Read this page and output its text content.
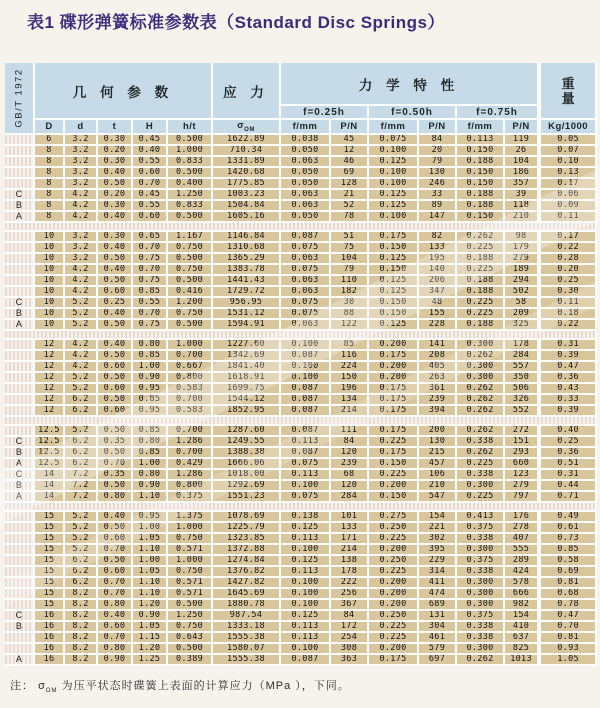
表1 碟形弹簧标准参数表（Standard Disc Springs）
GB/T 1972	几 何 参 数					应 力	力 学 特 性						重
量

							f=0.25h		f=0.50h		f=0.75h		
	D	d	t	H	h/t	$\sigma_{OM}$	f/mm	P/N	f/mm	P/N	f/mm	P/N	Kg/1000
	6	3.2	0.30	0.45	0.500	1622.89	0.038	45	0.075	84	0.113	119	0.05
	8	3.2	0.20	0.40	1.000	710.34	0.050	12	0.100	20	0.150	26	0.07
	8	3.2	0.30	0.55	0.833	1331.89	0.063	46	0.125	79	0.188	104	0.10
	8	3.2	0.40	0.60	0.500	1420.68	0.050	69	0.100	130	0.150	186	0.13
	8	3.2	0.50	0.70	0.400	1775.85	0.050	128	0.100	246	0.150	357	0.17
C	8	4.2	0.20	0.45	1.250	1003.23	0.063	21	0.125	33	0.188	39	0.06
B	8	4.2	0.30	0.55	0.833	1504.84	0.063	52	0.125	89	0.188	118	0.09
A	8	4.2	0.40	0.60	0.500	1605.16	0.050	78	0.100	147	0.150	210	0.11

	10	3.2	0.30	0.65	1.167	1146.84	0.087	51	0.175	82	0.262	98	0.17
	10	3.2	0.40	0.70	0.750	1310.68	0.075	75	0.150	133	0.225	179	0.22
	10	3.2	0.50	0.75	0.500	1365.29	0.063	104	0.125	195	0.188	279	0.28
	10	4.2	0.40	0.70	0.750	1383.78	0.075	79	0.150	140	0.225	189	0.20
	10	4.2	0.50	0.75	0.500	1441.43	0.063	110	0.125	206	0.188	294	0.25
	10	4.2	0.60	0.85	0.416	1729.72	0.063	182	0.125	347	0.188	502	0.30
C	10	5.2	0.25	0.55	1.200	956.95	0.075	30	0.150	48	0.225	58	0.11
B	10	5.2	0.40	0.70	0.750	1531.12	0.075	88	0.150	155	0.225	209	0.18
A	10	5.2	0.50	0.75	0.500	1594.91	0.063	122	0.125	228	0.188	325	0.22

	12	4.2	0.40	0.80	1.000	1227.60	0.100	85	0.200	141	0.300	178	0.31
	12	4.2	0.50	0.85	0.700	1342.69	0.087	116	0.175	208	0.262	284	0.39
	12	4.2	0.60	1.00	0.667	1841.40	0.100	224	0.200	405	0.300	557	0.47
	12	5.2	0.50	0.90	0.800	1618.91	0.100	150	0.200	263	0.300	350	0.36
	12	5.2	0.60	0.95	0.583	1699.75	0.087	196	0.175	361	0.262	506	0.43
	12	6.2	0.50	0.85	0.700	1544.12	0.087	134	0.175	239	0.262	326	0.33
	12	6.2	0.60	0.95	0.583	1852.95	0.087	214	0.175	394	0.262	552	0.39

	12.5	5.2	0.50	0.85	0.700	1287.60	0.087	111	0.175	200	0.262	272	0.40
C	12.5	6.2	0.35	0.80	1.286	1249.55	0.113	84	0.225	130	0.338	151	0.25
B	12.5	6.2	0.50	0.85	0.700	1388.38	0.087	120	0.175	215	0.262	293	0.36
A	12.5	6.2	0.70	1.00	0.429	1666.06	0.075	239	0.150	457	0.225	660	0.51
C	14	7.2	0.35	0.80	1.286	1018.00	0.113	68	0.225	106	0.338	123	0.31
B	14	7.2	0.50	0.90	0.800	1292.69	0.100	120	0.200	210	0.300	279	0.44
A	14	7.2	0.80	1.10	0.375	1551.23	0.075	284	0.150	547	0.225	797	0.71

	15	5.2	0.40	0.95	1.375	1078.69	0.138	101	0.275	154	0.413	176	0.49
	15	5.2	0.50	1.00	1.000	1225.79	0.125	133	0.250	221	0.375	278	0.61
	15	5.2	0.60	1.05	0.750	1323.85	0.113	171	0.225	302	0.338	407	0.73
	15	5.2	0.70	1.10	0.571	1372.88	0.100	214	0.200	395	0.300	555	0.85
	15	6.2	0.50	1.00	1.000	1274.84	0.125	138	0.250	229	0.375	289	0.58
	15	6.2	0.60	1.05	0.750	1376.82	0.113	178	0.225	314	0.338	424	0.69
	15	6.2	0.70	1.10	0.571	1427.82	0.100	222	0.200	411	0.300	578	0.81
	15	8.2	0.70	1.10	0.571	1645.69	0.100	256	0.200	474	0.300	666	0.68
	15	8.2	0.80	1.20	0.500	1880.78	0.100	367	0.200	689	0.300	982	0.78
C	16	8.2	0.40	0.90	1.250	987.54	0.125	84	0.250	131	0.375	154	0.47
B	16	8.2	0.60	1.05	0.750	1333.18	0.113	172	0.225	304	0.338	410	0.70
	16	8.2	0.70	1.15	0.643	1555.38	0.113	254	0.225	461	0.338	637	0.81
	16	8.2	0.80	1.20	0.500	1580.07	0.100	308	0.200	579	0.300	825	0.93
A	16	8.2	0.90	1.25	0.389	1555.38	0.087	363	0.175	697	0.262	1013	1.05
注： $\sigma_{OM}$ 为压平状态时碟簧上表面的计算应力（MPa ），下同。
